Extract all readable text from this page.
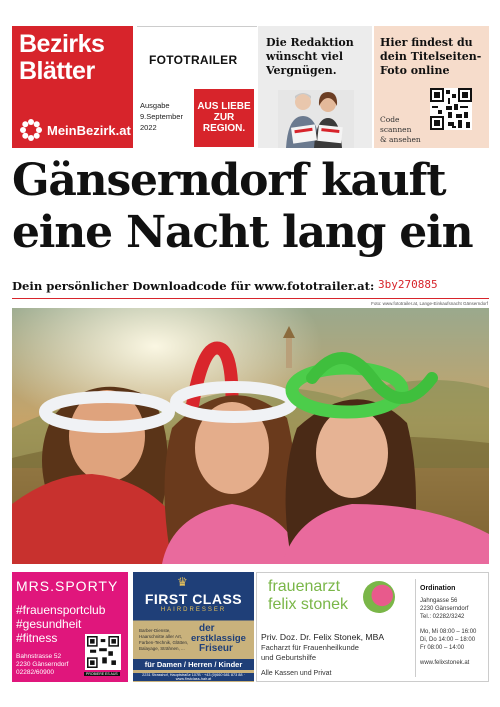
Bezirks
Blätter
MeinBezirk.at
FOTOTRAILER
Ausgabe
9.September
2022
AUS LIEBE
ZUR
REGION.
Die Redaktion
wünscht viel
Vergnügen.
Hier findest du
dein Titelseiten-
Foto online
Code
scannen
& ansehen
Gänserndorf kauft
eine Nacht lang ein
Dein persönlicher Downloadcode für www.fototrailer.at: 3by270885
Foto: www.fototrailer.at, Lange-Einkaufsnacht Gänserndorf
MRS.SPORTY
#frauensportclub
#gesundheit
#fitness
Bahnstrasse 52
2230 Gänserndorf
02282/60900	PROBIERE ES AUS
♛
FIRST CLASS
HAIRDRESSER
Barber-Dienste, Haarschnitte aller Art, Farben-Technik, Glätten, Balayage, Strähnen, ...
der
erstklassige
Friseur
für Damen / Herren / Kinder
2231 Strasshof, Hauptstraße 107B · +43 (0)660 681 873 88 · www.firstclass-hair.at
frauenarzt
felix stonek
Priv. Doz. Dr. Felix Stonek, MBA
Facharzt für Frauenheilkunde
und Geburtshilfe
Alle Kassen und Privat
Ordination
Jahngasse 56
2230 Gänserndorf
Tel.: 02282/3242
Mo, Mi 08:00 – 16:00
Di, Do 14:00 – 18:00
Fr 08:00 – 14:00
www.felixstonek.at
